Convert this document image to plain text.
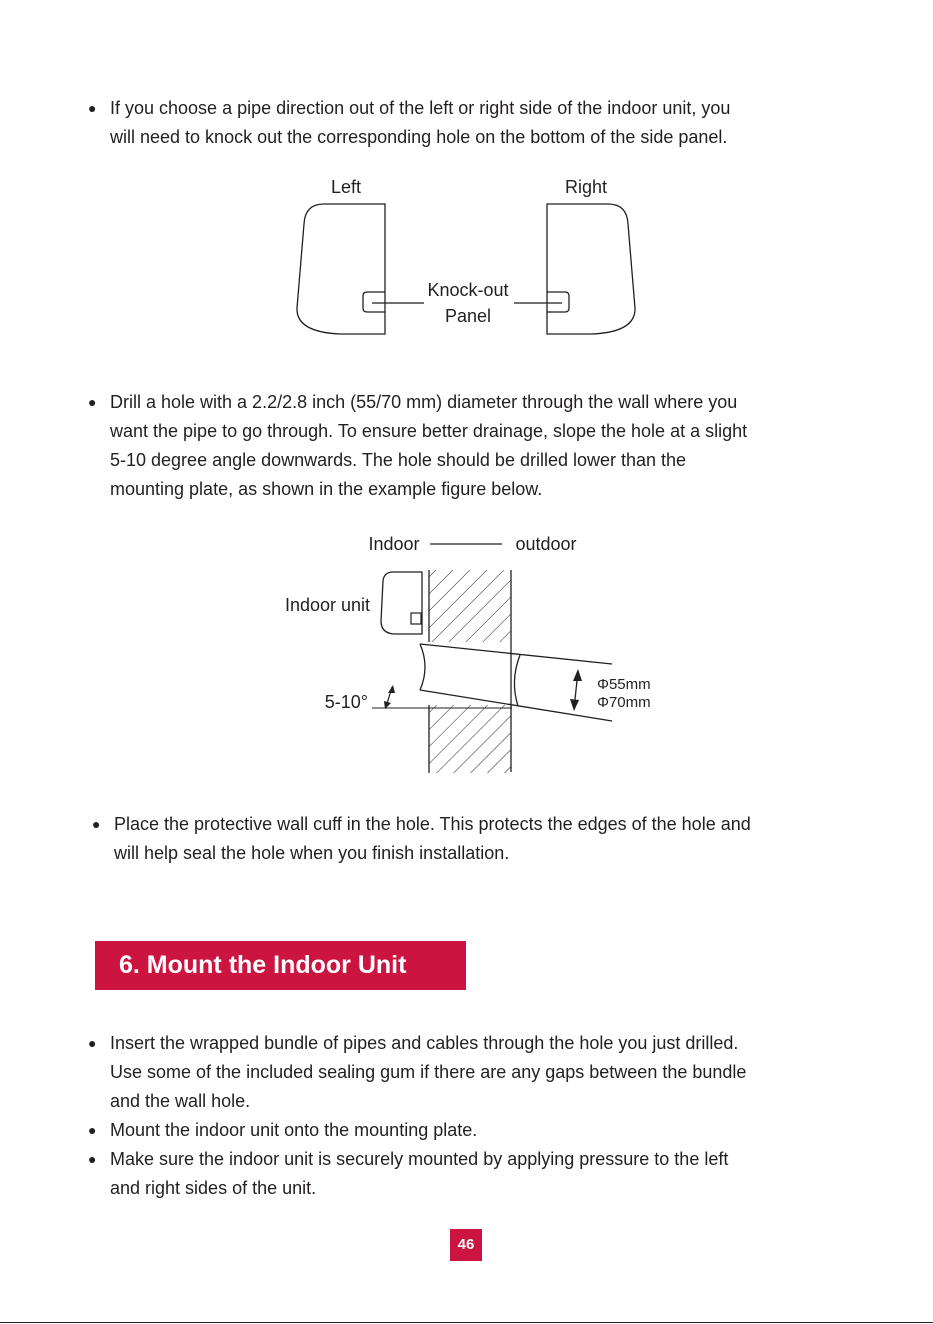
● If you choose a pipe direction out of the left or right side of the indoor unit, you
will need to knock out the corresponding hole on the bottom of the side panel.
Left	Right
Knock-out
Panel
● Drill a hole with a 2.2/2.8 inch (55/70 mm) diameter through the wall where you
want the pipe to go through. To ensure better drainage, slope the hole at a slight
5-10 degree angle downwards. The hole should be drilled lower than the
mounting plate, as shown in the example figure below.
Indoor	outdoor
Indoor unit
Φ55mm
Φ70mm
5-10°
● Place the protective wall cuff in the hole. This protects the edges of the hole and
will help seal the hole when you finish installation.
6. Mount the Indoor Unit
● Insert the wrapped bundle of pipes and cables through the hole you just drilled.
Use some of the included sealing gum if there are any gaps between the bundle
and the wall hole.
● Mount the indoor unit onto the mounting plate.
● Make sure the indoor unit is securely mounted by applying pressure to the left
and right sides of the unit.
46
